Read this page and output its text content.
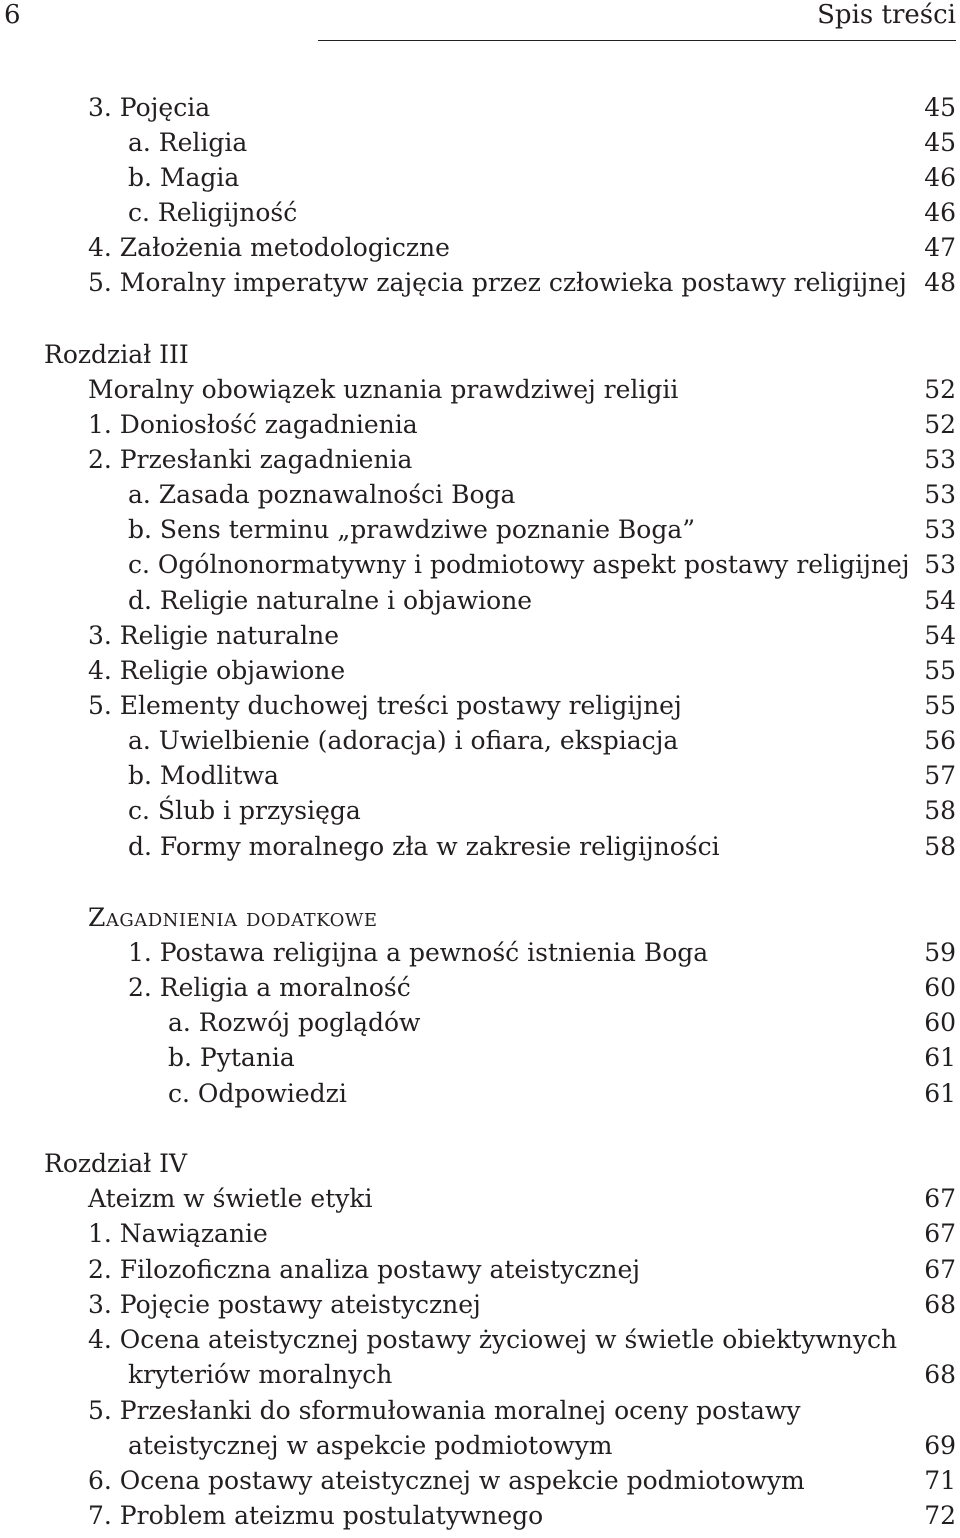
6	Spis treści
3. Pojęcia	45
a. Religia	45
b. Magia	46
c. Religijność	46
4. Założenia metodologiczne	47
5. Moralny imperatyw zajęcia przez człowieka postawy religijnej 48
Rozdział III
Moralny obowiązek uznania prawdziwej religii	52
1. Doniosłość zagadnienia	52
2. Przesłanki zagadnienia	53
a. Zasada poznawalności Boga	53
b. Sens terminu „prawdziwe poznanie Boga”	53
c. Ogólnonormatywny i podmiotowy aspekt postawy religijnej 53
d. Religie naturalne i objawione	54
3. Religie naturalne	54
4. Religie objawione	55
5. Elementy duchowej treści postawy religijnej	55
a. Uwielbienie (adoracja) i ofiara, ekspiacja	56
b. Modlitwa	57
c. Ślub i przysięga	58
d. Formy moralnego zła w zakresie religijności	58
Zagadnienia dodatkowe
1. Postawa religijna a pewność istnienia Boga	59
2. Religia a moralność	60
a. Rozwój poglądów	60
b. Pytania	61
c. Odpowiedzi	61
Rozdział IV
Ateizm w świetle etyki	67
1. Nawiązanie	67
2. Filozoficzna analiza postawy ateistycznej	67
3. Pojęcie postawy ateistycznej	68
4. Ocena ateistycznej postawy życiowej w świetle obiektywnych
kryteriów moralnych	68
5. Przesłanki do sformułowania moralnej oceny postawy
ateistycznej w aspekcie podmiotowym	69
6. Ocena postawy ateistycznej w aspekcie podmiotowym	71
7. Problem ateizmu postulatywnego	72
